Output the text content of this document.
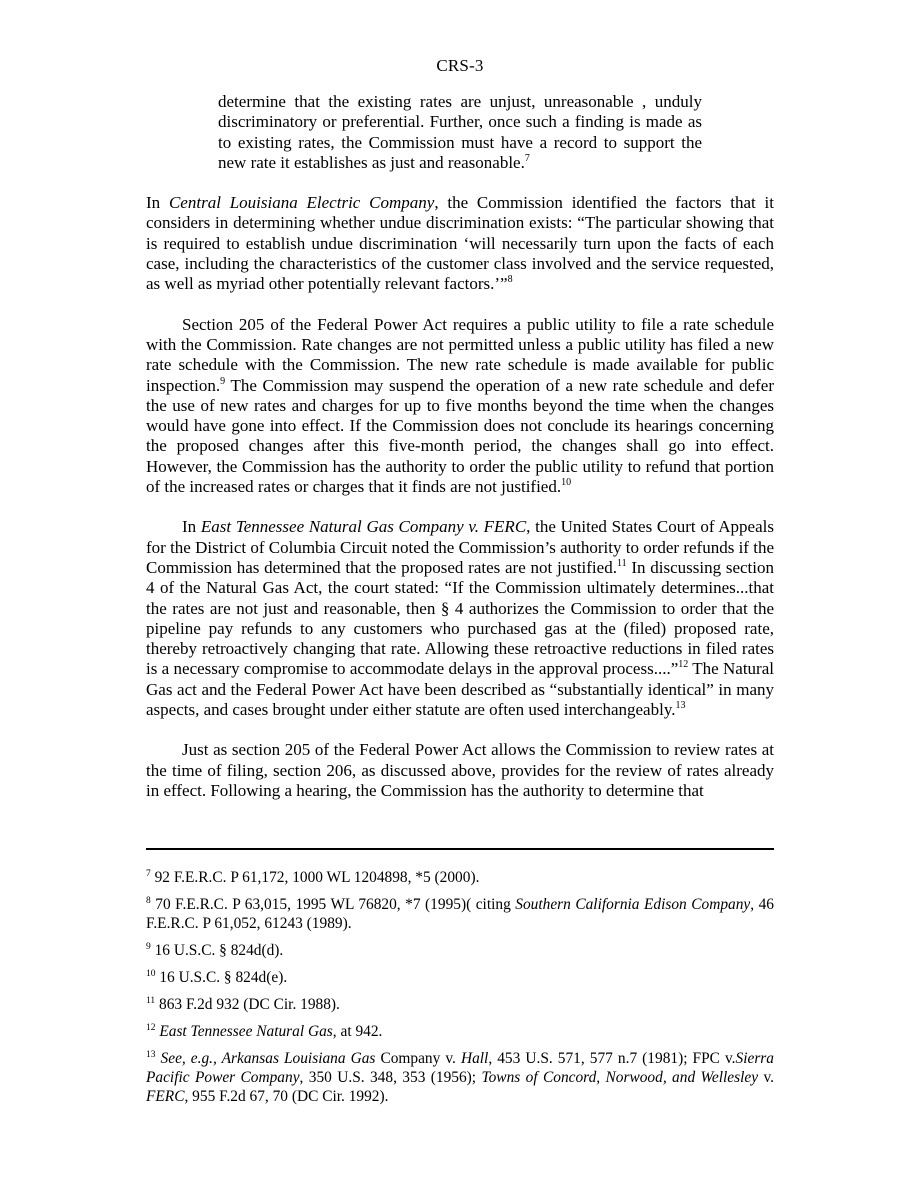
CRS-3

determine that the existing rates are unjust, unreasonable , unduly discriminatory or preferential. Further, once such a finding is made as to existing rates, the Commission must have a record to support the new rate it establishes as just and reasonable.$^7$

In Central Louisiana Electric Company, the Commission identified the factors that it considers in determining whether undue discrimination exists: “The particular showing that is required to establish undue discrimination ‘will necessarily turn upon the facts of each case, including the characteristics of the customer class involved and the service requested, as well as myriad other potentially relevant factors.’”$^8$

Section 205 of the Federal Power Act requires a public utility to file a rate schedule with the Commission. Rate changes are not permitted unless a public utility has filed a new rate schedule with the Commission. The new rate schedule is made available for public inspection.$^9$ The Commission may suspend the operation of a new rate schedule and defer the use of new rates and charges for up to five months beyond the time when the changes would have gone into effect. If the Commission does not conclude its hearings concerning the proposed changes after this five-month period, the changes shall go into effect. However, the Commission has the authority to order the public utility to refund that portion of the increased rates or charges that it finds are not justified.$^{10}$

In East Tennessee Natural Gas Company v. FERC, the United States Court of Appeals for the District of Columbia Circuit noted the Commission’s authority to order refunds if the Commission has determined that the proposed rates are not justified.$^{11}$ In discussing section 4 of the Natural Gas Act, the court stated: “If the Commission ultimately determines...that the rates are not just and reasonable, then § 4 authorizes the Commission to order that the pipeline pay refunds to any customers who purchased gas at the (filed) proposed rate, thereby retroactively changing that rate. Allowing these retroactive reductions in filed rates is a necessary compromise to accommodate delays in the approval process....”$^{12}$ The Natural Gas act and the Federal Power Act have been described as “substantially identical” in many aspects, and cases brought under either statute are often used interchangeably.$^{13}$

Just as section 205 of the Federal Power Act allows the Commission to review rates at the time of filing, section 206, as discussed above, provides for the review of rates already in effect. Following a hearing, the Commission has the authority to determine that

$^7$ 92 F.E.R.C. P 61,172, 1000 WL 1204898, *5 (2000).

$^8$ 70 F.E.R.C. P 63,015, 1995 WL 76820, *7 (1995)( citing Southern California Edison Company, 46 F.E.R.C. P 61,052, 61243 (1989).

$^9$ 16 U.S.C. § 824d(d).

$^{10}$ 16 U.S.C. § 824d(e).

$^{11}$ 863 F.2d 932 (DC Cir. 1988).

$^{12}$ East Tennessee Natural Gas, at 942.

$^{13}$ See, e.g., Arkansas Louisiana Gas Company v. Hall, 453 U.S. 571, 577 n.7 (1981); FPC v.Sierra Pacific Power Company, 350 U.S. 348, 353 (1956); Towns of Concord, Norwood, and Wellesley v. FERC, 955 F.2d 67, 70 (DC Cir. 1992).
